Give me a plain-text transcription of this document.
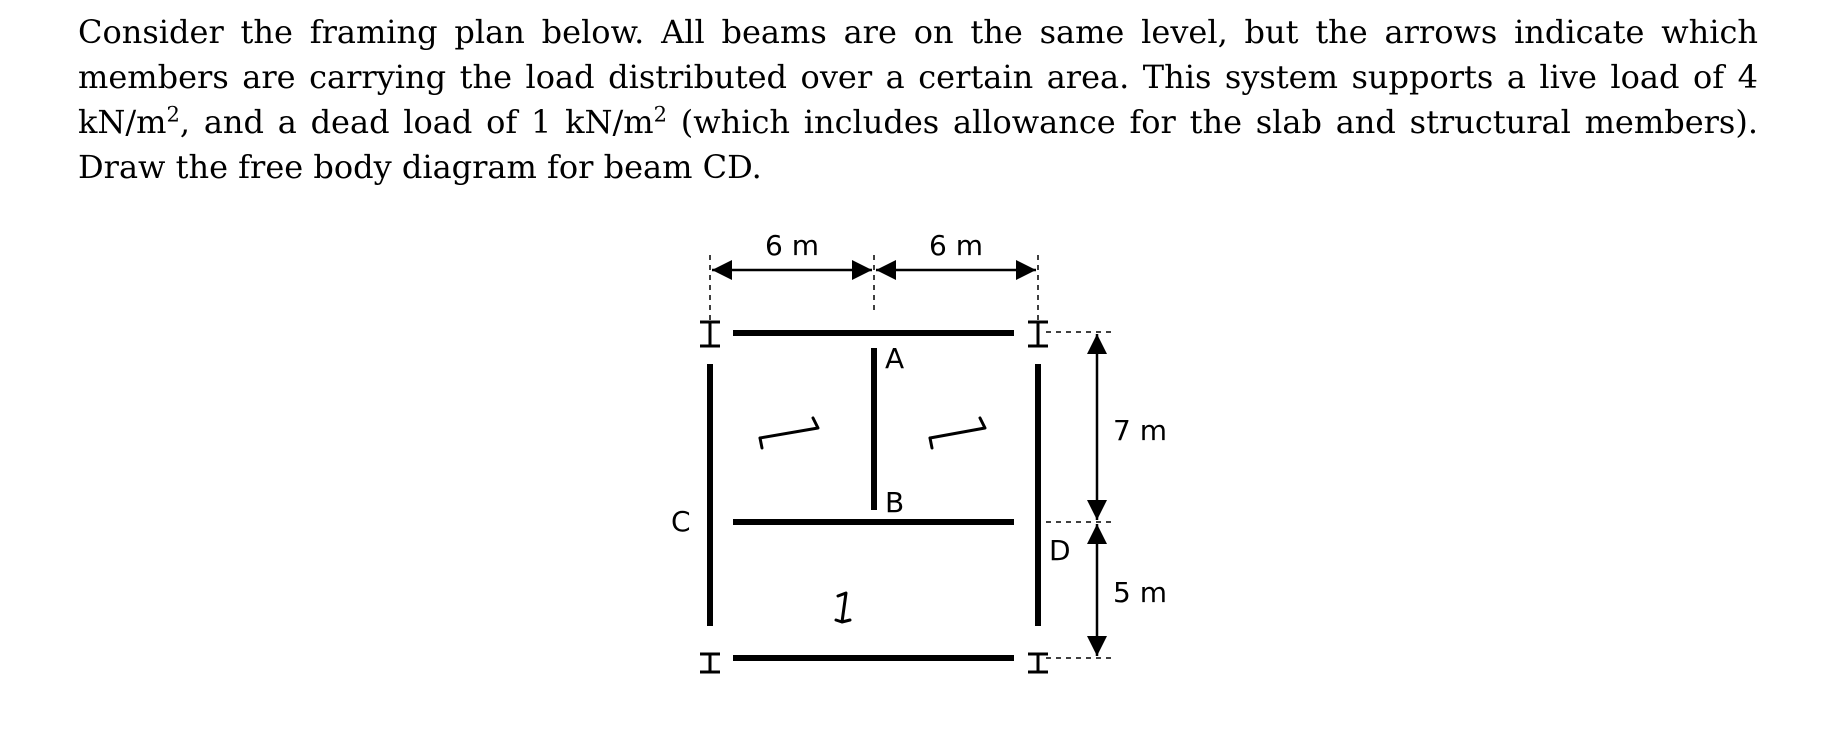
Consider the framing plan below. All beams are on the same level, but the arrows indicate which members are carrying the load distributed over a certain area. This system supports a live load of 4 $kN/m^2$, and a dead load of 1 $kN/m^2$ (which includes allowance for the slab and structural members). Draw the free body diagram for beam CD.

6 m	6 m
7 m
5 m
A
B
C
D
